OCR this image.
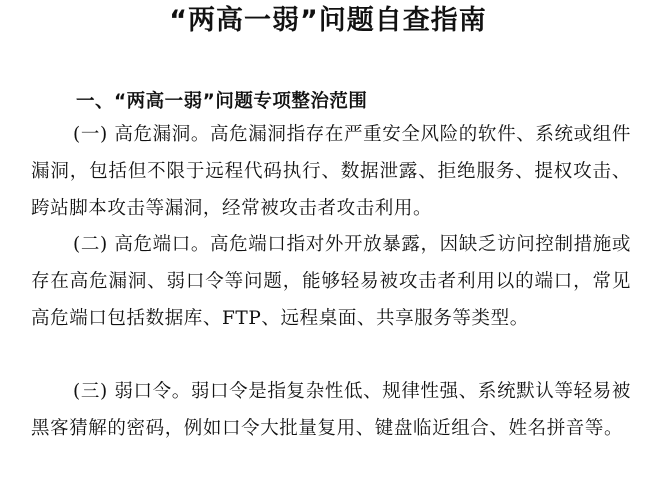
“两高一弱”问题自查指南
一、“两高一弱”问题专项整治范围

(一) 高危漏洞。高危漏洞指存在严重安全风险的软件、系统或组件漏洞，包括但不限于远程代码执行、数据泄露、拒绝服务、提权攻击、跨站脚本攻击等漏洞，经常被攻击者攻击利用。

(二) 高危端口。高危端口指对外开放暴露，因缺乏访问控制措施或存在高危漏洞、弱口令等问题，能够轻易被攻击者利用以的端口，常见高危端口包括数据库、FTP、远程桌面、共享服务等类型。

(三) 弱口令。弱口令是指复杂性低、规律性强、系统默认等轻易被黑客猜解的密码，例如口令大批量复用、键盘临近组合、姓名拼音等。
